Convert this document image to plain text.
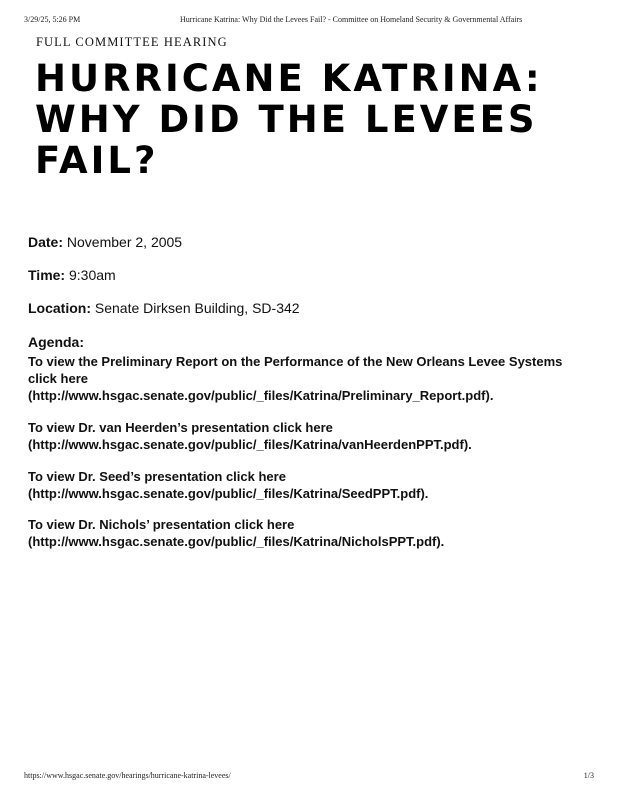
3/29/25, 5:26 PM	Hurricane Katrina: Why Did the Levees Fail? - Committee on Homeland Security & Governmental Affairs
FULL COMMITTEE HEARING
HURRICANE KATRINA: WHY DID THE LEVEES FAIL?

Date: November 2, 2005

Time: 9:30am

Location: Senate Dirksen Building, SD-342

Agenda:

To view the Preliminary Report on the Performance of the New Orleans Levee Systems click here
(http://www.hsgac.senate.gov/public/_files/Katrina/Preliminary_Report.pdf).

To view Dr. van Heerden’s presentation click here
(http://www.hsgac.senate.gov/public/_files/Katrina/vanHeerdenPPT.pdf).

To view Dr. Seed’s presentation click here
(http://www.hsgac.senate.gov/public/_files/Katrina/SeedPPT.pdf).

To view Dr. Nichols’ presentation click here
(http://www.hsgac.senate.gov/public/_files/Katrina/NicholsPPT.pdf).

https://www.hsgac.senate.gov/hearings/hurricane-katrina-levees/	1/3
